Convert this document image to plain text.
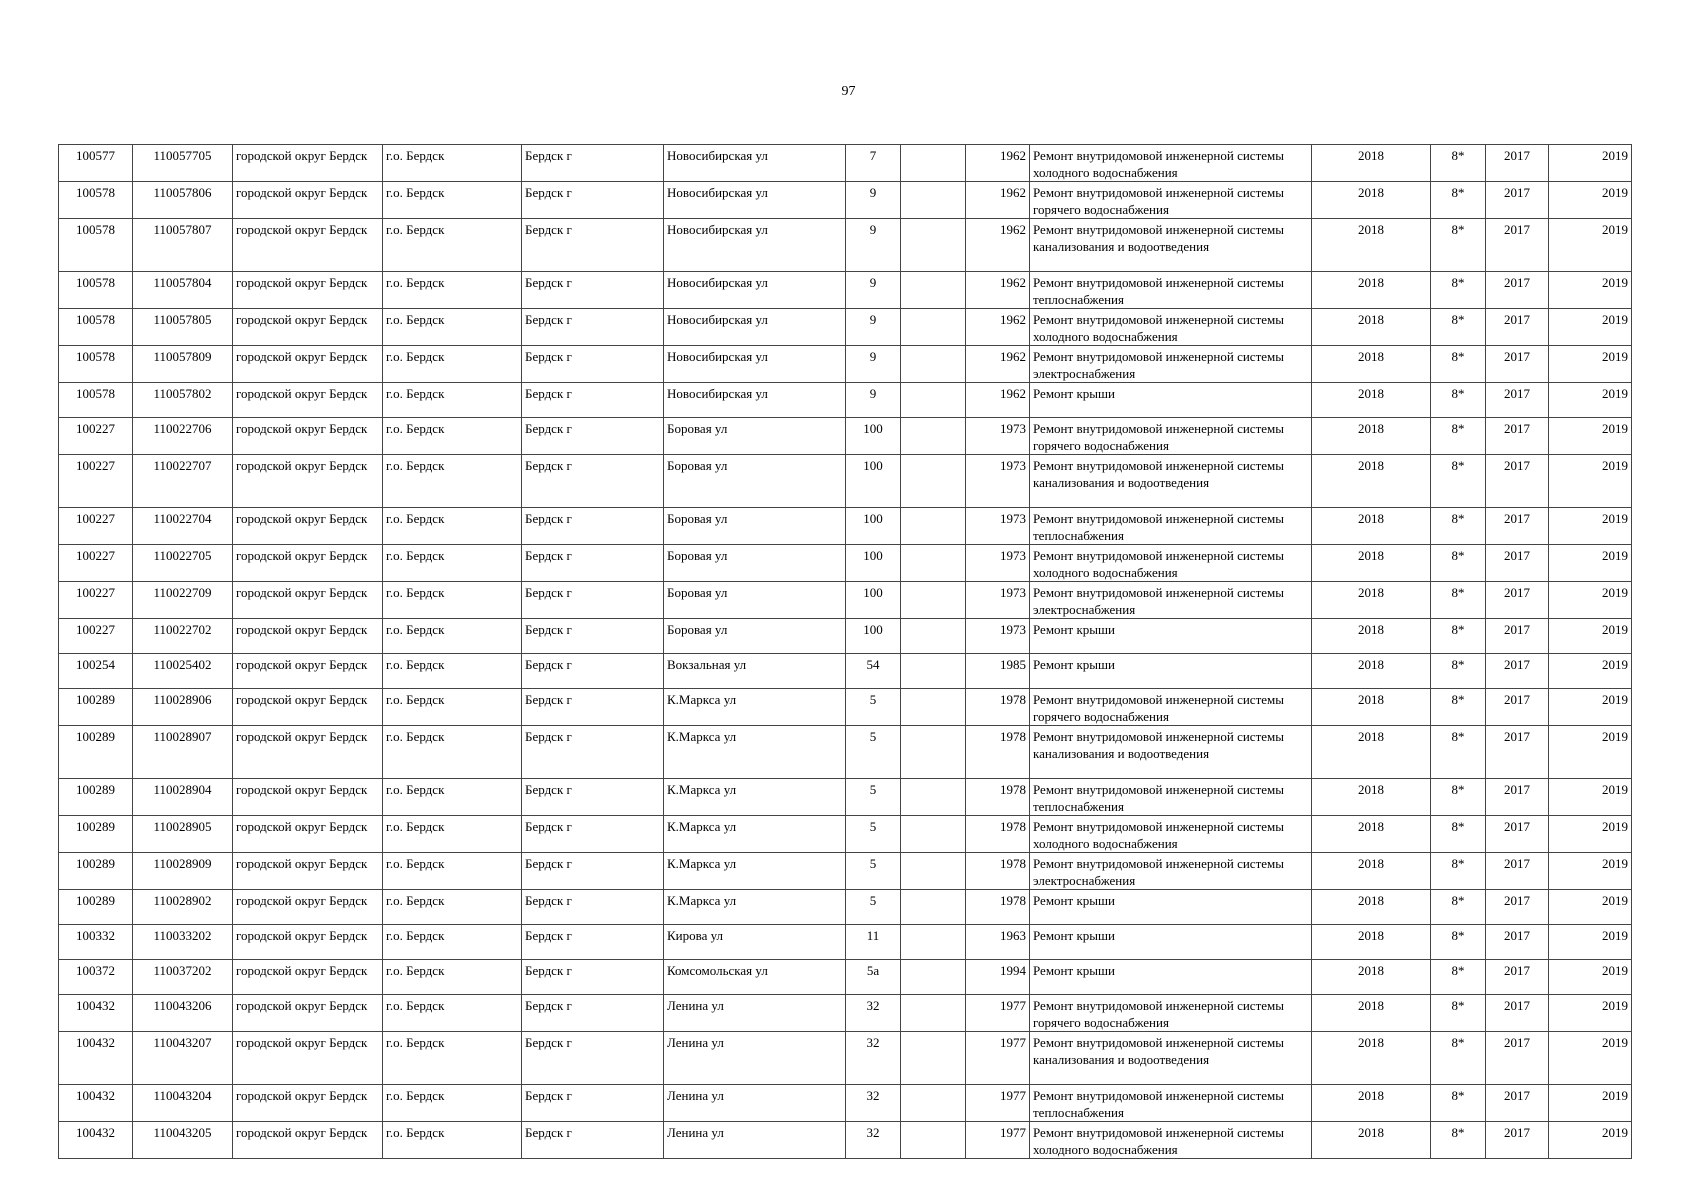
97
100577	110057705	городской округ Бердск	г.о. Бердск	Бердск г	Новосибирская ул	7		1962	Ремонт внутридомовой инженерной системы холодного водоснабжения	2018	8*	2017	2019
100578	110057806	городской округ Бердск	г.о. Бердск	Бердск г	Новосибирская ул	9		1962	Ремонт внутридомовой инженерной системы горячего водоснабжения	2018	8*	2017	2019
100578	110057807	городской округ Бердск	г.о. Бердск	Бердск г	Новосибирская ул	9		1962	Ремонт внутридомовой инженерной системы канализования и водоотведения	2018	8*	2017	2019
100578	110057804	городской округ Бердск	г.о. Бердск	Бердск г	Новосибирская ул	9		1962	Ремонт внутридомовой инженерной системы теплоснабжения	2018	8*	2017	2019
100578	110057805	городской округ Бердск	г.о. Бердск	Бердск г	Новосибирская ул	9		1962	Ремонт внутридомовой инженерной системы холодного водоснабжения	2018	8*	2017	2019
100578	110057809	городской округ Бердск	г.о. Бердск	Бердск г	Новосибирская ул	9		1962	Ремонт внутридомовой инженерной системы электроснабжения	2018	8*	2017	2019
100578	110057802	городской округ Бердск	г.о. Бердск	Бердск г	Новосибирская ул	9		1962	Ремонт крыши	2018	8*	2017	2019
100227	110022706	городской округ Бердск	г.о. Бердск	Бердск г	Боровая ул	100		1973	Ремонт внутридомовой инженерной системы горячего водоснабжения	2018	8*	2017	2019
100227	110022707	городской округ Бердск	г.о. Бердск	Бердск г	Боровая ул	100		1973	Ремонт внутридомовой инженерной системы канализования и водоотведения	2018	8*	2017	2019
100227	110022704	городской округ Бердск	г.о. Бердск	Бердск г	Боровая ул	100		1973	Ремонт внутридомовой инженерной системы теплоснабжения	2018	8*	2017	2019
100227	110022705	городской округ Бердск	г.о. Бердск	Бердск г	Боровая ул	100		1973	Ремонт внутридомовой инженерной системы холодного водоснабжения	2018	8*	2017	2019
100227	110022709	городской округ Бердск	г.о. Бердск	Бердск г	Боровая ул	100		1973	Ремонт внутридомовой инженерной системы электроснабжения	2018	8*	2017	2019
100227	110022702	городской округ Бердск	г.о. Бердск	Бердск г	Боровая ул	100		1973	Ремонт крыши	2018	8*	2017	2019
100254	110025402	городской округ Бердск	г.о. Бердск	Бердск г	Вокзальная ул	54		1985	Ремонт крыши	2018	8*	2017	2019
100289	110028906	городской округ Бердск	г.о. Бердск	Бердск г	К.Маркса ул	5		1978	Ремонт внутридомовой инженерной системы горячего водоснабжения	2018	8*	2017	2019
100289	110028907	городской округ Бердск	г.о. Бердск	Бердск г	К.Маркса ул	5		1978	Ремонт внутридомовой инженерной системы канализования и водоотведения	2018	8*	2017	2019
100289	110028904	городской округ Бердск	г.о. Бердск	Бердск г	К.Маркса ул	5		1978	Ремонт внутридомовой инженерной системы теплоснабжения	2018	8*	2017	2019
100289	110028905	городской округ Бердск	г.о. Бердск	Бердск г	К.Маркса ул	5		1978	Ремонт внутридомовой инженерной системы холодного водоснабжения	2018	8*	2017	2019
100289	110028909	городской округ Бердск	г.о. Бердск	Бердск г	К.Маркса ул	5		1978	Ремонт внутридомовой инженерной системы электроснабжения	2018	8*	2017	2019
100289	110028902	городской округ Бердск	г.о. Бердск	Бердск г	К.Маркса ул	5		1978	Ремонт крыши	2018	8*	2017	2019
100332	110033202	городской округ Бердск	г.о. Бердск	Бердск г	Кирова ул	11		1963	Ремонт крыши	2018	8*	2017	2019
100372	110037202	городской округ Бердск	г.о. Бердск	Бердск г	Комсомольская ул	5а		1994	Ремонт крыши	2018	8*	2017	2019
100432	110043206	городской округ Бердск	г.о. Бердск	Бердск г	Ленина ул	32		1977	Ремонт внутридомовой инженерной системы горячего водоснабжения	2018	8*	2017	2019
100432	110043207	городской округ Бердск	г.о. Бердск	Бердск г	Ленина ул	32		1977	Ремонт внутридомовой инженерной системы канализования и водоотведения	2018	8*	2017	2019
100432	110043204	городской округ Бердск	г.о. Бердск	Бердск г	Ленина ул	32		1977	Ремонт внутридомовой инженерной системы теплоснабжения	2018	8*	2017	2019
100432	110043205	городской округ Бердск	г.о. Бердск	Бердск г	Ленина ул	32		1977	Ремонт внутридомовой инженерной системы холодного водоснабжения	2018	8*	2017	2019
